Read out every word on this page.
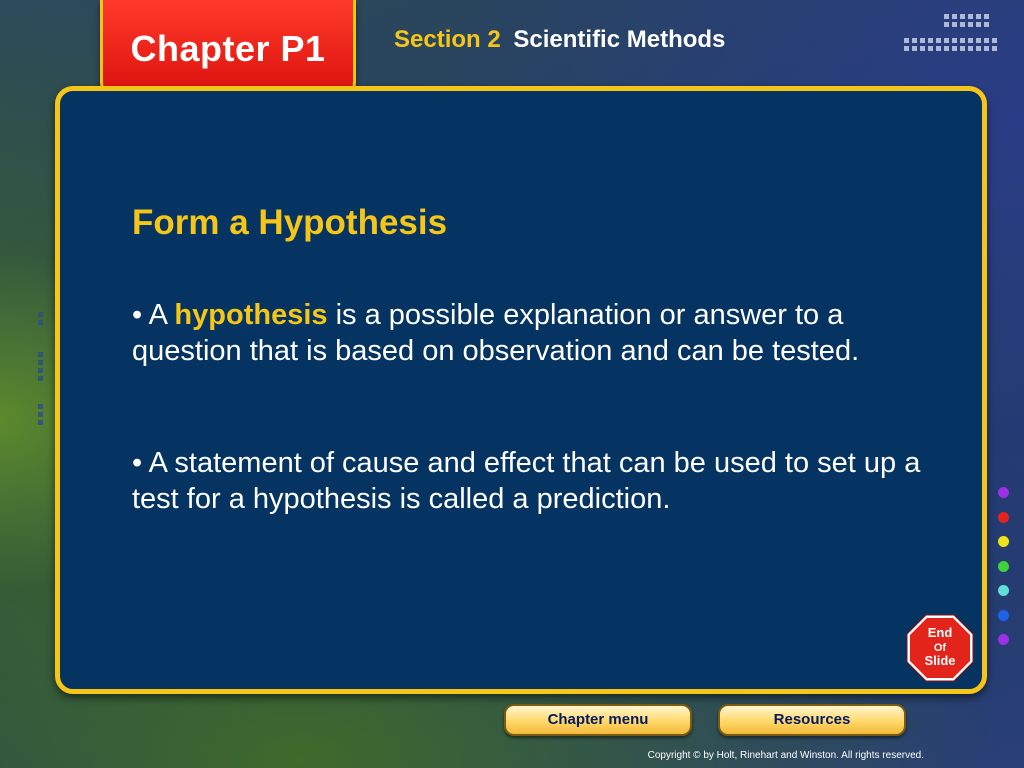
Chapter P1	Section 2 Scientific Methods
Form a Hypothesis
• A hypothesis is a possible explanation or answer to a question that is based on observation and can be tested.
• A statement of cause and effect that can be used to set up a test for a hypothesis is called a prediction.
End
Of
Slide
Chapter menu	Resources
Copyright © by Holt, Rinehart and Winston. All rights reserved.
